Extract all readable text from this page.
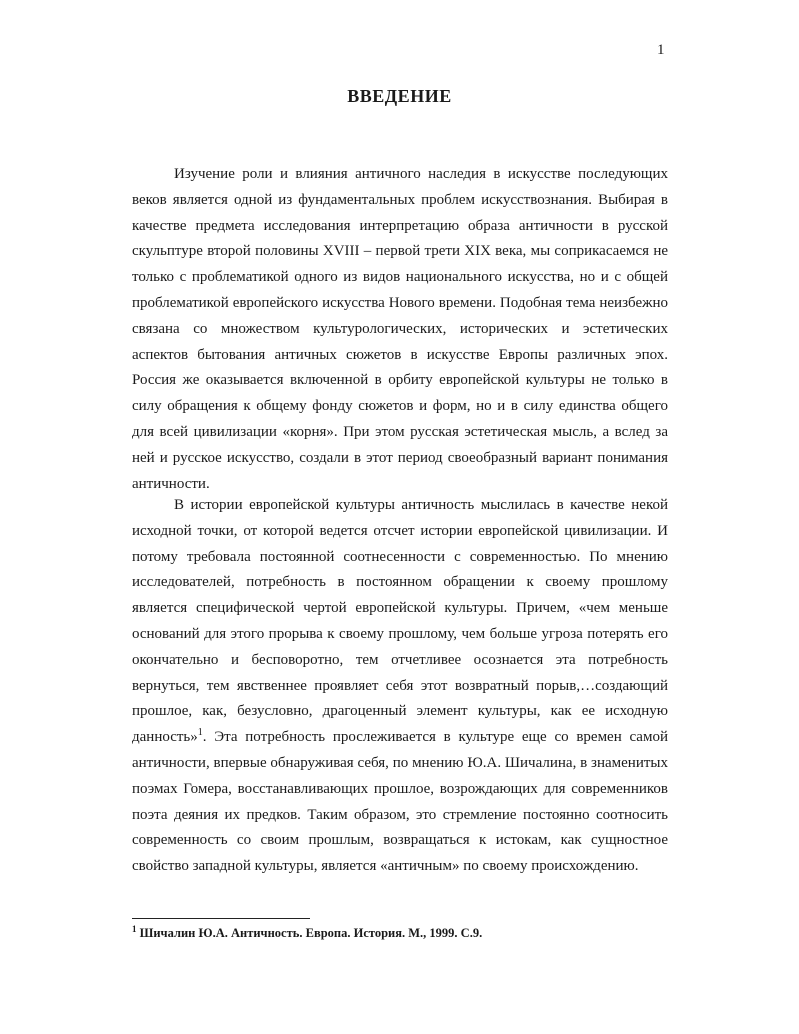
1
ВВЕДЕНИЕ

Изучение роли и влияния античного наследия в искусстве последующих веков является одной из фундаментальных проблем искусствознания. Выбирая в качестве предмета исследования интерпретацию образа античности в русской скульптуре второй половины XVIII – первой трети XIX века, мы соприкасаемся не только с проблематикой одного из видов национального искусства, но и с общей проблематикой европейского искусства Нового времени. Подобная тема неизбежно связана со множеством культурологических, исторических и эстетических аспектов бытования античных сюжетов в искусстве Европы различных эпох. Россия же оказывается включенной в орбиту европейской культуры не только в силу обращения к общему фонду сюжетов и форм, но и в силу единства общего для всей цивилизации «корня». При этом русская эстетическая мысль, а вслед за ней и русское искусство, создали в этот период своеобразный вариант понимания античности.

В истории европейской культуры античность мыслилась в качестве некой исходной точки, от которой ведется отсчет истории европейской цивилизации. И потому требовала постоянной соотнесенности с современностью. По мнению исследователей, потребность в постоянном обращении к своему прошлому является специфической чертой европейской культуры. Причем, «чем меньше оснований для этого прорыва к своему прошлому, чем больше угроза потерять его окончательно и бесповоротно, тем отчетливее осознается эта потребность вернуться, тем явственнее проявляет себя этот возвратный порыв,…создающий прошлое, как, безусловно, драгоценный элемент культуры, как ее исходную данность»$^1$. Эта потребность прослеживается в культуре еще со времен самой античности, впервые обнаруживая себя, по мнению Ю.А. Шичалина, в знаменитых поэмах Гомера, восстанавливающих прошлое, возрождающих для современников поэта деяния их предков. Таким образом, это стремление постоянно соотносить современность со своим прошлым, возвращаться к истокам, как сущностное свойство западной культуры, является «античным» по своему происхождению.

$^1$ Шичалин Ю.А. Античность. Европа. История. М., 1999. С.9.
